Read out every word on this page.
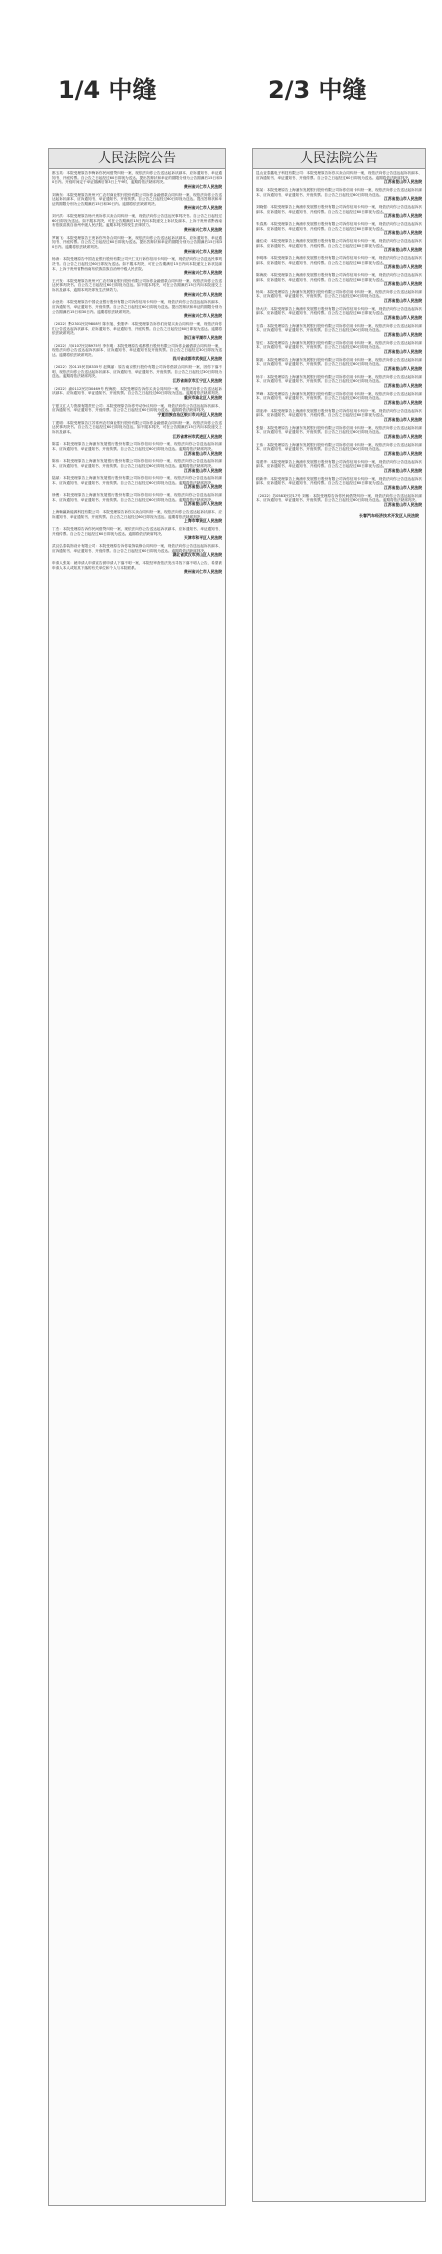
1/4 中缝	2/3 中缝
人民法院公告
都玉英：本院受理原告李梅诉你民间借贷纠纷一案，现依法向你公告送达起诉状副本、应诉通知书、举证通知书、开庭传票。自公告之日起经过60日即视为送达。提出答辩状和举证的期限分别为公告期满后15日和30日内。开庭时间定于举证期满后第3日上午9时，逾期将依法缺席判决。
贵州省兴仁市人民法院
刘海东：本院受理原告贵州兴仁农村商业银行股份有限公司诉你金融借款合同纠纷一案，现依法向你公告送达起诉状副本、应诉通知书、举证通知书、开庭传票。自公告之日起经过60日即视为送达。提出答辩状和举证的期限分别为公告期满后15日和30日内。逾期将依法缺席判决。
贵州省兴仁市人民法院
刘兴洪：本院受理原告杨兴贵诉你买卖合同纠纷一案，现依法向你公告送达民事判决书。自公告之日起经过60日即视为送达。如不服本判决，可在公告期满后15日内向本院递交上诉状及副本，上诉于贵州省黔西南布依族苗族自治州中级人民法院。逾期本判决即发生法律效力。
贵州省兴仁市人民法院
罗朝飞：本院受理原告王贵诉你劳务合同纠纷一案，现依法向你公告送达起诉状副本、应诉通知书、举证通知书、开庭传票。自公告之日起经过60日即视为送达。提出答辩状和举证的期限分别为公告期满后15日和30日内。逾期将依法缺席判决。
贵州省兴仁市人民法院
杨涛：本院受理原告中国农业银行股份有限公司兴仁支行诉你信用卡纠纷一案，现依法向你公告送达民事判决书。自公告之日起经过60日即视为送达。如不服本判决，可在公告期满后15日内向本院递交上诉状及副本，上诉于贵州省黔西南布依族苗族自治州中级人民法院。
贵州省兴仁市人民法院
王兴发：本院受理原告贵州兴仁农村商业银行股份有限公司诉你金融借款合同纠纷一案，现依法向你公告送达民事判决书。自公告之日起经过60日即视为送达。如不服本判决，可在公告期满后15日内向本院递交上诉状及副本，逾期本判决即发生法律效力。
贵州省兴仁市人民法院
余登美：本院受理原告中国农业银行股份有限公司诉你信用卡纠纷一案，现依法向你公告送达起诉状副本、应诉通知书、举证通知书、开庭传票。自公告之日起经过60日即视为送达。提出答辩状和举证的期限分别为公告期满后15日和30日内。逾期将依法缺席判决。
贵州省兴仁市人民法院
（2022）黔2301民初9808号 陈东旭、张继华：本院受理原告诉你们房屋买卖合同纠纷一案，现依法向你们公告送达起诉状副本、应诉通知书、举证通知书、开庭传票。自公告之日起经过60日即视为送达。逾期将依法缺席判决。
浙江省平湖市人民法院
（2022）川0107民初8975号 李东明：本院受理原告成都银行股份有限公司诉你金融借款合同纠纷一案，现依法向你公告送达起诉状副本、应诉通知书、举证通知书及开庭传票。自公告之日起经过30日即视为送达。逾期将依法缺席判决。
四川省成都市武侯区人民法院
（2022）苏0115民初8335号 赵佩丽：原告南京银行股份有限公司诉你借款合同纠纷一案，因你下落不明，现依法向你公告送达起诉状副本、应诉通知书、举证通知书、开庭传票。自公告之日起经过30日即视为送达。逾期将依法缺席判决。
江苏省南京市江宁区人民法院
（2022）渝0112民初30469号 程海波：本院受理原告诉你买卖合同纠纷一案，现依法向你公告送达起诉状副本、应诉通知书、举证通知书、开庭传票。自公告之日起经过60日即视为送达。逾期将依法缺席判决。
重庆市渝北区人民法院
宁夏文汇人力资源有限责任公司：本院受理原告诉你劳动争议纠纷一案，现依法向你公告送达起诉状副本、应诉通知书、举证通知书、开庭传票。自公告之日起经过60日即视为送达。逾期将依法缺席判决。
宁夏回族自治区银川市兴庆区人民法院
丁建明：本院受理原告江苏常州农村商业银行股份有限公司诉你金融借款合同纠纷一案，现依法向你公告送达民事判决书。自公告之日起经过60日即视为送达。如不服本判决，可在公告期满后15日内向本院递交上诉状及副本。
江苏省常州市武进区人民法院
陈雷：本院受理原告上海浦东发展银行股份有限公司诉你信用卡纠纷一案，现依法向你公告送达起诉状副本、应诉通知书、举证通知书、开庭传票。自公告之日起经过60日即视为送达。逾期将依法缺席判决。
江苏省昆山市人民法院
陈伟：本院受理原告上海浦东发展银行股份有限公司诉你信用卡纠纷一案，现依法向你公告送达起诉状副本、应诉通知书、举证通知书、开庭传票。自公告之日起经过60日即视为送达。逾期将依法缺席判决。
江苏省昆山市人民法院
陆斌：本院受理原告上海浦东发展银行股份有限公司诉你信用卡纠纷一案，现依法向你公告送达起诉状副本、应诉通知书、举证通知书、开庭传票。自公告之日起经过60日即视为送达。逾期将依法缺席判决。
江苏省昆山市人民法院
徐俊：本院受理原告上海浦东发展银行股份有限公司诉你信用卡纠纷一案，现依法向你公告送达起诉状副本、应诉通知书、举证通知书、开庭传票。自公告之日起经过60日即视为送达。逾期将依法缺席判决。
江苏省昆山市人民法院
上海畅赢新能源科技有限公司：本院受理原告诉你买卖合同纠纷一案，现依法向你公告送达起诉状副本、应诉通知书、举证通知书、开庭传票。自公告之日起经过60日即视为送达。逾期将依法缺席判决。
上海市奉贤区人民法院
丁杰：本院受理原告诉你民间借贷纠纷一案，现依法向你公告送达起诉状副本、应诉通知书、举证通知书、开庭传票。自公告之日起经过60日即视为送达。逾期将依法缺席判决。
天津市和平区人民法院
武汉弘泰装饰设计有限公司：本院受理原告诉你装饰装修合同纠纷一案，现依法向你公告送达起诉状副本、应诉通知书、举证通知书、开庭传票。自公告之日起经过60日即视为送达。逾期将依法缺席判决。
湖北省武汉市洪山区人民法院
申请人张某：就申请人申请宣告被申请人下落不明一案，本院经审查依法发出寻找下落不明人公告，希望被申请人本人或知其下落的有关单位和个人与本院联系。
贵州省兴仁市人民法院
人民法院公告
昆山亚泰鑫电子科技有限公司：本院受理原告诉你买卖合同纠纷一案，现依法向你公告送达起诉状副本、应诉通知书、举证通知书、开庭传票。自公告之日起经过60日即视为送达。逾期将依法缺席判决。
江苏省昆山市人民法院
陈某：本院受理原告上海浦东发展银行股份有限公司诉你信用卡纠纷一案，现依法向你公告送达起诉状副本、应诉通知书、举证通知书、开庭传票。自公告之日起经过60日即视为送达。
江苏省昆山市人民法院
刘晓强：本院受理原告上海浦东发展银行股份有限公司诉你信用卡纠纷一案，现依法向你公告送达起诉状副本、应诉通知书、举证通知书、开庭传票。自公告之日起经过60日即视为送达。
江苏省昆山市人民法院
朱春燕：本院受理原告上海浦东发展银行股份有限公司诉你信用卡纠纷一案，现依法向你公告送达起诉状副本、应诉通知书、举证通知书、开庭传票。自公告之日起经过60日即视为送达。
江苏省昆山市人民法院
潘红成：本院受理原告上海浦东发展银行股份有限公司诉你信用卡纠纷一案，现依法向你公告送达起诉状副本、应诉通知书、举证通知书、开庭传票。自公告之日起经过60日即视为送达。
江苏省昆山市人民法院
李明珠：本院受理原告上海浦东发展银行股份有限公司诉你信用卡纠纷一案，现依法向你公告送达起诉状副本、应诉通知书、举证通知书、开庭传票。自公告之日起经过60日即视为送达。
江苏省昆山市人民法院
陈海波：本院受理原告上海浦东发展银行股份有限公司诉你信用卡纠纷一案，现依法向你公告送达起诉状副本、应诉通知书、举证通知书、开庭传票。自公告之日起经过60日即视为送达。
江苏省昆山市人民法院
杨凤：本院受理原告上海浦东发展银行股份有限公司诉你信用卡纠纷一案，现依法向你公告送达起诉状副本、应诉通知书、举证通知书、开庭传票。自公告之日起经过60日即视为送达。
江苏省昆山市人民法院
徐大庆：本院受理原告上海浦东发展银行股份有限公司诉你信用卡纠纷一案，现依法向你公告送达起诉状副本、应诉通知书、举证通知书、开庭传票。自公告之日起经过60日即视为送达。
江苏省昆山市人民法院
石春：本院受理原告上海浦东发展银行股份有限公司诉你信用卡纠纷一案，现依法向你公告送达起诉状副本、应诉通知书、举证通知书、开庭传票。自公告之日起经过60日即视为送达。
江苏省昆山市人民法院
管红：本院受理原告上海浦东发展银行股份有限公司诉你信用卡纠纷一案，现依法向你公告送达起诉状副本、应诉通知书、举证通知书、开庭传票。自公告之日起经过60日即视为送达。
江苏省昆山市人民法院
陈凯：本院受理原告上海浦东发展银行股份有限公司诉你信用卡纠纷一案，现依法向你公告送达起诉状副本、应诉通知书、举证通知书、开庭传票。自公告之日起经过60日即视为送达。
江苏省昆山市人民法院
杨宇：本院受理原告上海浦东发展银行股份有限公司诉你信用卡纠纷一案，现依法向你公告送达起诉状副本、应诉通知书、举证通知书、开庭传票。自公告之日起经过60日即视为送达。
江苏省昆山市人民法院
罗峰：本院受理原告上海浦东发展银行股份有限公司诉你信用卡纠纷一案，现依法向你公告送达起诉状副本、应诉通知书、举证通知书、开庭传票。自公告之日起经过60日即视为送达。
江苏省昆山市人民法院
胡亚涛：本院受理原告上海浦东发展银行股份有限公司诉你信用卡纠纷一案，现依法向你公告送达起诉状副本、应诉通知书、举证通知书、开庭传票。自公告之日起经过60日即视为送达。
江苏省昆山市人民法院
张磊：本院受理原告上海浦东发展银行股份有限公司诉你信用卡纠纷一案，现依法向你公告送达起诉状副本、应诉通知书、举证通知书、开庭传票。自公告之日起经过60日即视为送达。
江苏省昆山市人民法院
王伟：本院受理原告上海浦东发展银行股份有限公司诉你信用卡纠纷一案，现依法向你公告送达起诉状副本、应诉通知书、举证通知书、开庭传票。自公告之日起经过60日即视为送达。
江苏省昆山市人民法院
周建华：本院受理原告上海浦东发展银行股份有限公司诉你信用卡纠纷一案，现依法向你公告送达起诉状副本、应诉通知书、举证通知书、开庭传票。自公告之日起经过60日即视为送达。
江苏省昆山市人民法院
顾新华：本院受理原告上海浦东发展银行股份有限公司诉你信用卡纠纷一案，现依法向你公告送达起诉状副本、应诉通知书、举证通知书、开庭传票。自公告之日起经过60日即视为送达。
江苏省昆山市人民法院
（2022）苏0583民初17号 刘敏：本院受理原告诉你民间借贷纠纷一案，现依法向你公告送达起诉状副本、应诉通知书、举证通知书、开庭传票。自公告之日起经过60日即视为送达。逾期将依法缺席判决。
江苏省昆山市人民法院
长春汽车经济技术开发区人民法院
